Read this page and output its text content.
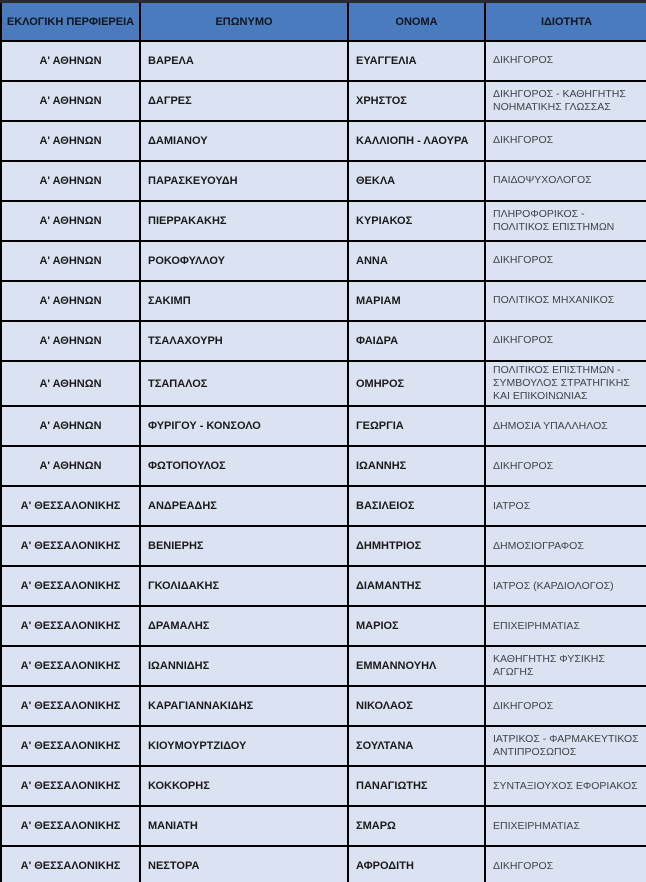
ΕΚΛΟΓΙΚΗ ΠΕΡΦΙΕΡΕΙΑ	ΕΠΩΝΥΜΟ	ΟΝΟΜΑ	ΙΔΙΟΤΗΤΑ
Α' ΑΘΗΝΩΝ	ΒΑΡΕΛΑ	ΕΥΑΓΓΕΛΙΑ	ΔΙΚΗΓΟΡΟΣ
Α' ΑΘΗΝΩΝ	ΔΑΓΡΕΣ	ΧΡΗΣΤΟΣ	ΔΙΚΗΓΟΡΟΣ - ΚΑΘΗΓΗΤΗΣ ΝΟΗΜΑΤΙΚΗΣ ΓΛΩΣΣΑΣ
Α' ΑΘΗΝΩΝ	ΔΑΜΙΑΝΟΥ	ΚΑΛΛΙΟΠΗ - ΛΑΟΥΡΑ	ΔΙΚΗΓΟΡΟΣ
Α' ΑΘΗΝΩΝ	ΠΑΡΑΣΚΕΥΟΥΔΗ	ΘΕΚΛΑ	ΠΑΙΔΟΨΥΧΟΛΟΓΟΣ
Α' ΑΘΗΝΩΝ	ΠΙΕΡΡΑΚΑΚΗΣ	ΚΥΡΙΑΚΟΣ	ΠΛΗΡΟΦΟΡΙΚΟΣ - ΠΟΛΙΤΙΚΟΣ ΕΠΙΣΤΗΜΩΝ
Α' ΑΘΗΝΩΝ	ΡΟΚΟΦΥΛΛΟΥ	ΑΝΝΑ	ΔΙΚΗΓΟΡΟΣ
Α' ΑΘΗΝΩΝ	ΣΑΚΙΜΠ	ΜΑΡΙΑΜ	ΠΟΛΙΤΙΚΟΣ ΜΗΧΑΝΙΚΟΣ
Α' ΑΘΗΝΩΝ	ΤΣΑΛΑΧΟΥΡΗ	ΦΑΙΔΡΑ	ΔΙΚΗΓΟΡΟΣ
Α' ΑΘΗΝΩΝ	ΤΣΑΠΑΛΟΣ	ΟΜΗΡΟΣ	ΠΟΛΙΤΙΚΟΣ ΕΠΙΣΤΗΜΩΝ - ΣΥΜΒΟΥΛΟΣ ΣΤΡΑΤΗΓΙΚΗΣ ΚΑΙ ΕΠΙΚΟΙΝΩΝΙΑΣ
Α' ΑΘΗΝΩΝ	ΦΥΡΙΓΟΥ - ΚΟΝΣΟΛΟ	ΓΕΩΡΓΙΑ	ΔΗΜΟΣΙΑ ΥΠΑΛΛΗΛΟΣ
Α' ΑΘΗΝΩΝ	ΦΩΤΟΠΟΥΛΟΣ	ΙΩΑΝΝΗΣ	ΔΙΚΗΓΟΡΟΣ
Α' ΘΕΣΣΑΛΟΝΙΚΗΣ	ΑΝΔΡΕΑΔΗΣ	ΒΑΣΙΛΕΙΟΣ	ΙΑΤΡΟΣ
Α' ΘΕΣΣΑΛΟΝΙΚΗΣ	ΒΕΝΙΕΡΗΣ	ΔΗΜΗΤΡΙΟΣ	ΔΗΜΟΣΙΟΓΡΑΦΟΣ
Α' ΘΕΣΣΑΛΟΝΙΚΗΣ	ΓΚΟΛΙΔΑΚΗΣ	ΔΙΑΜΑΝΤΗΣ	ΙΑΤΡΟΣ (ΚΑΡΔΙΟΛΟΓΟΣ)
Α' ΘΕΣΣΑΛΟΝΙΚΗΣ	ΔΡΑΜΑΛΗΣ	ΜΑΡΙΟΣ	ΕΠΙΧΕΙΡΗΜΑΤΙΑΣ
Α' ΘΕΣΣΑΛΟΝΙΚΗΣ	ΙΩΑΝΝΙΔΗΣ	ΕΜΜΑΝΝΟΥΗΛ	ΚΑΘΗΓΗΤΗΣ ΦΥΣΙΚΗΣ ΑΓΩΓΗΣ
Α' ΘΕΣΣΑΛΟΝΙΚΗΣ	ΚΑΡΑΓΙΑΝΝΑΚΙΔΗΣ	ΝΙΚΟΛΑΟΣ	ΔΙΚΗΓΟΡΟΣ
Α' ΘΕΣΣΑΛΟΝΙΚΗΣ	ΚΙΟΥΜΟΥΡΤΖΙΔΟΥ	ΣΟΥΛΤΑΝΑ	ΙΑΤΡΙΚΟΣ - ΦΑΡΜΑΚΕΥΤΙΚΟΣ ΑΝΤΙΠΡΟΣΩΠΟΣ
Α' ΘΕΣΣΑΛΟΝΙΚΗΣ	ΚΟΚΚΟΡΗΣ	ΠΑΝΑΓΙΩΤΗΣ	ΣΥΝΤΑΞΙΟΥΧΟΣ ΕΦΟΡΙΑΚΟΣ
Α' ΘΕΣΣΑΛΟΝΙΚΗΣ	ΜΑΝΙΑΤΗ	ΣΜΑΡΩ	ΕΠΙΧΕΙΡΗΜΑΤΙΑΣ
Α' ΘΕΣΣΑΛΟΝΙΚΗΣ	ΝΕΣΤΟΡΑ	ΑΦΡΟΔΙΤΗ	ΔΙΚΗΓΟΡΟΣ
